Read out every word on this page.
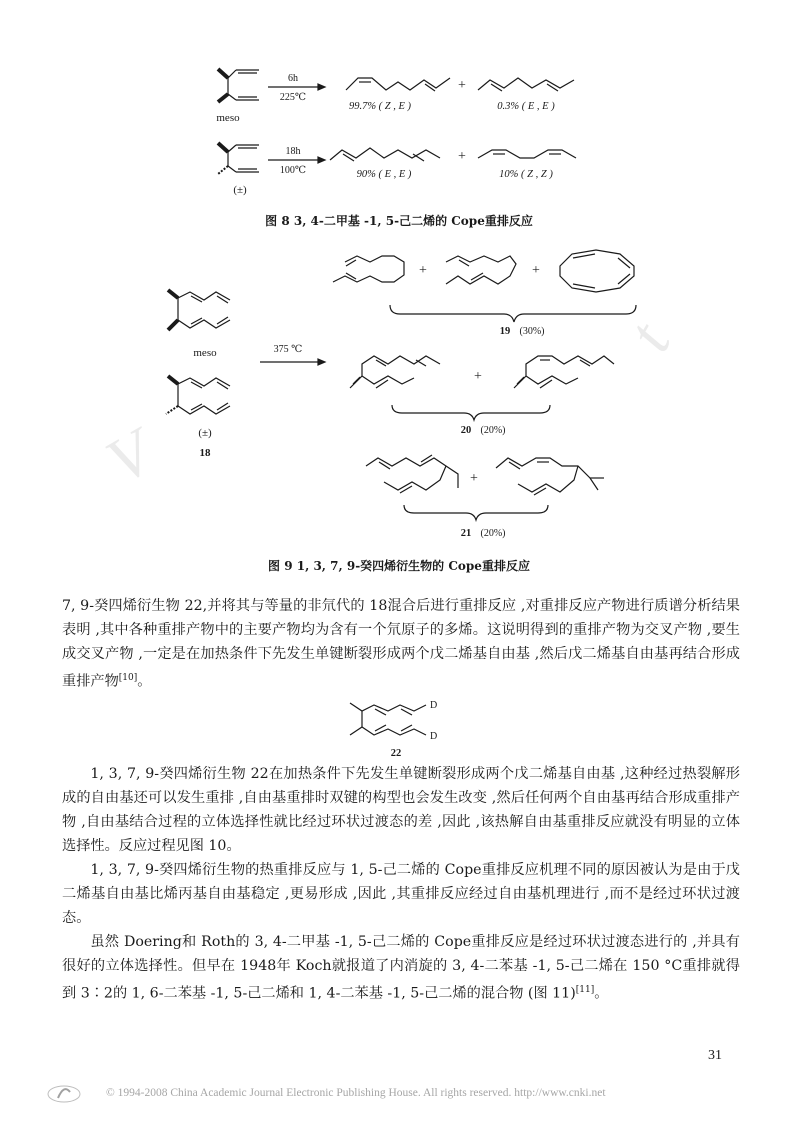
meso
6h
225℃
99.7% ( Z , E )
+
0.3% ( E , E )
(±)
18h
100℃	90% ( E , E )
+
10% ( Z , Z )
图 8 3, 4-二甲基 -1, 5-己二烯的 Cope重排反应
meso
(±)
18
375 ℃
+	+
19 (30%)
+
20 (20%)
+
21 (20%)
图 9 1, 3, 7, 9-癸四烯衍生物的 Cope重排反应
V
t

7, 9-癸四烯衍生物 22,并将其与等量的非氘代的 18混合后进行重排反应 ,对重排反应产物进行质谱分析结果表明 ,其中各种重排产物中的主要产物均为含有一个氘原子的多烯。这说明得到的重排产物为交叉产物 ,要生成交叉产物 ,一定是在加热条件下先发生单键断裂形成两个戊二烯基自由基 ,然后戊二烯基自由基再结合形成重排产物[10]。

D
D
22

1, 3, 7, 9-癸四烯衍生物 22在加热条件下先发生单键断裂形成两个戊二烯基自由基 ,这种经过热裂解形成的自由基还可以发生重排 ,自由基重排时双键的构型也会发生改变 ,然后任何两个自由基再结合形成重排产物 ,自由基结合过程的立体选择性就比经过环状过渡态的差 ,因此 ,该热解自由基重排反应就没有明显的立体选择性。反应过程见图 10。

1, 3, 7, 9-癸四烯衍生物的热重排反应与 1, 5-己二烯的 Cope重排反应机理不同的原因被认为是由于戊二烯基自由基比烯丙基自由基稳定 ,更易形成 ,因此 ,其重排反应经过自由基机理进行 ,而不是经过环状过渡态。

虽然 Doering和 Roth的 3, 4-二甲基 -1, 5-己二烯的 Cope重排反应是经过环状过渡态进行的 ,并具有很好的立体选择性。但早在 1948年 Koch就报道了内消旋的 3, 4-二苯基 -1, 5-己二烯在 150 °C重排就得到 3∶2的 1, 6-二苯基 -1, 5-己二烯和 1, 4-二苯基 -1, 5-己二烯的混合物 (图 11)[11]。

31
© 1994-2008 China Academic Journal Electronic Publishing House. All rights reserved. http://www.cnki.net
